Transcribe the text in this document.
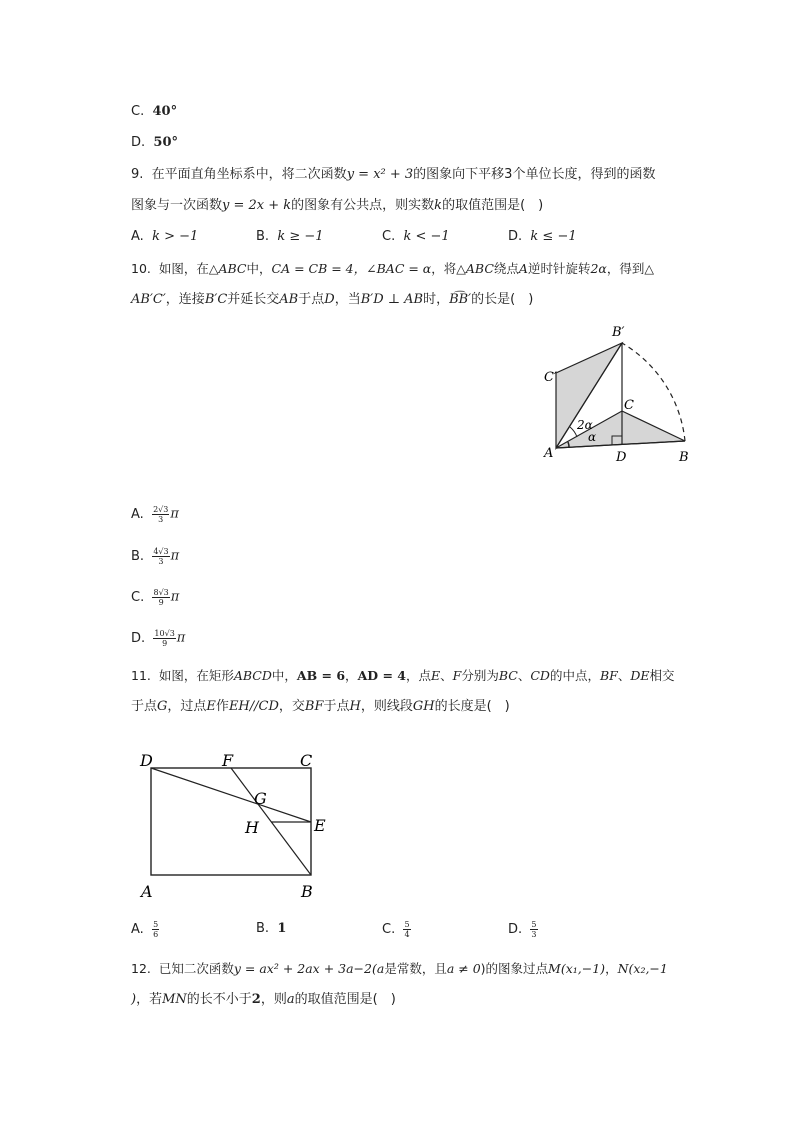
C. 40°
D. 50°
9. 在平面直角坐标系中，将二次函数y = x² + 3的图象向下平移3个单位长度，得到的函数
图象与一次函数y = 2x + k的图象有公共点，则实数k的取值范围是(　)
A. k > −1	B. k ≥ −1	C. k < −1	D. k ≤ −1
10. 如图，在△ABC中，CA = CB = 4，∠BAC = α，将△ABC绕点A逆时针旋转2α，得到△
AB′C′，连接B′C并延长交AB于点D，当B′D ⊥ AB时，B͡B′的长是(　)
B′
C′
C
2α
α
A	D	B
A. $\frac{2√3}{3}$ π
B. $\frac{4√3}{3}$ π
C. $\frac{8√3}{9}$ π
D. $\frac{10√3}{9}$ π
11. 如图，在矩形ABCD中，AB = 6，AD = 4，点E、F分别为BC、CD的中点，BF、DE相交
于点G，过点E作EH//CD，交BF于点H，则线段GH的长度是(　)
D	F	C
G
H	E
A	B
A. $\frac{5}{6}$	B. 1	C. $\frac{5}{4}$	D. $\frac{5}{3}$
12. 已知二次函数y = ax² + 2ax + 3a−2(a是常数，且a ≠ 0)的图象过点M(x₁,−1)，N(x₂,−1
)，若MN的长不小于2，则a的取值范围是(　)
